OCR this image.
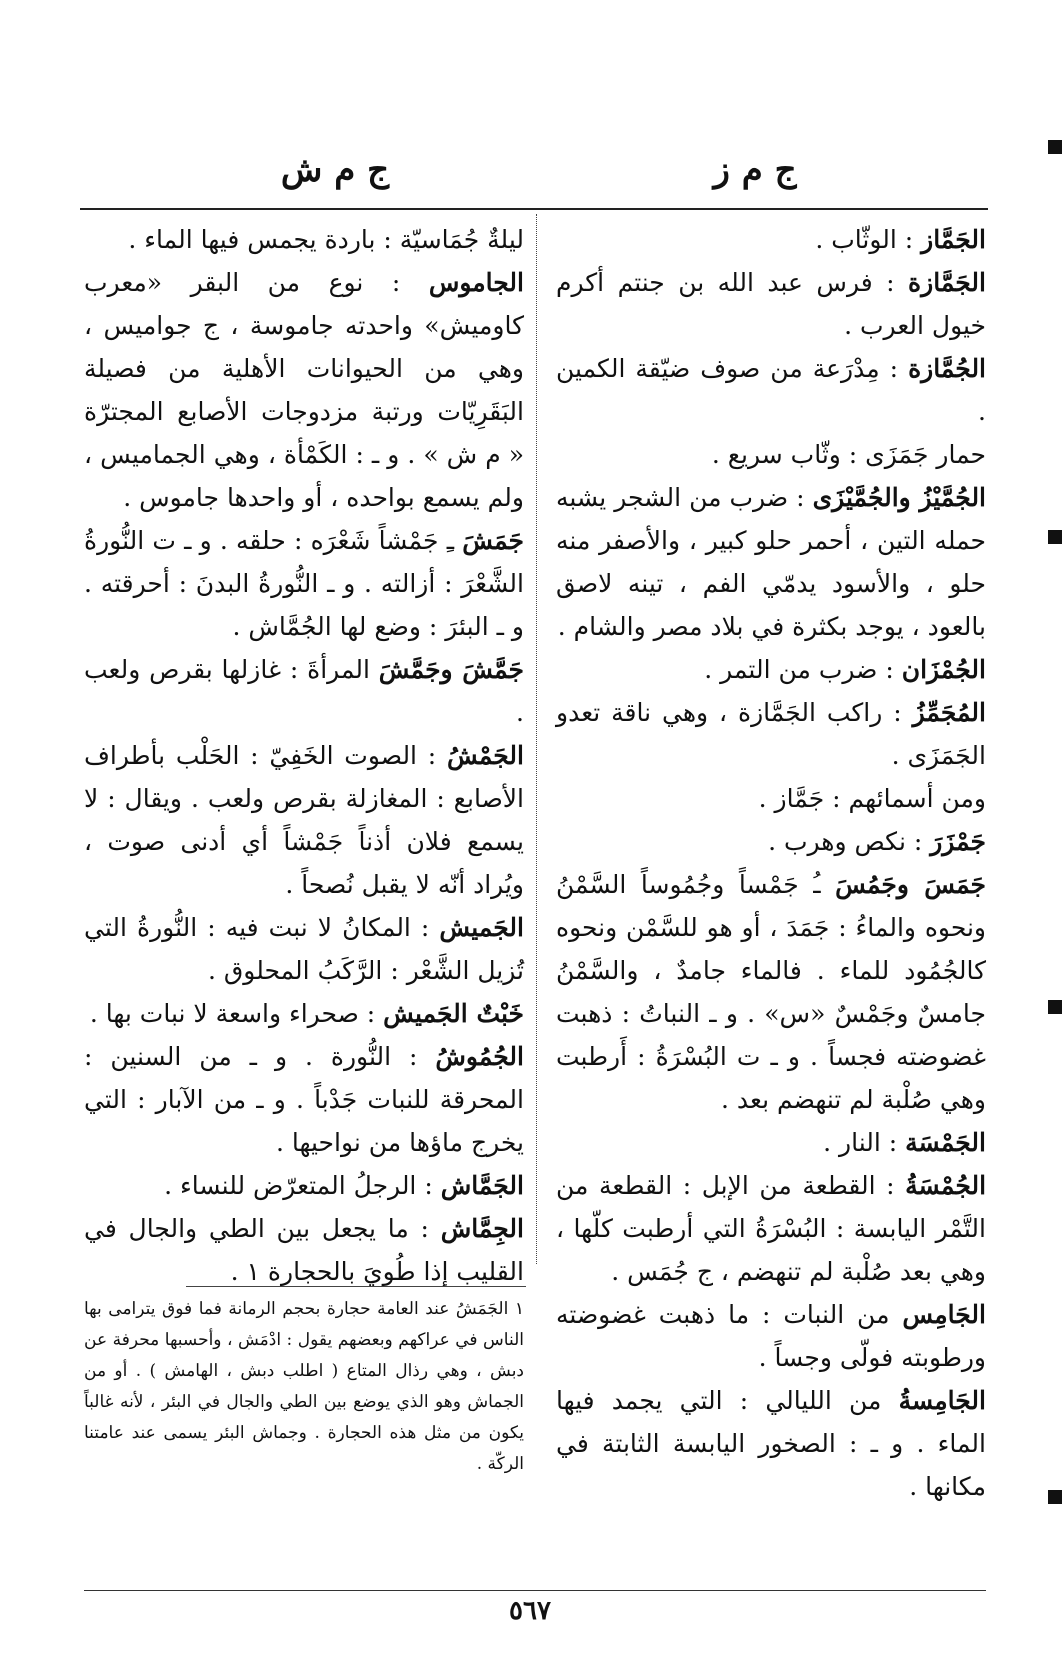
ج م ز
ج م ش

الجَمَّاز : الوثّاب .

الجَمَّازة : فرس عبد الله بن جنتم أكرم خيول العرب .

الجُمَّازة : مِدْرَعة من صوف ضيّقة الكمين .

حمار جَمَزَى : وثّاب سريع .

الجُمَّيْزُ والجُمَّيْزَى : ضرب من الشجر يشبه حمله التين ، أحمر حلو كبير ، والأصفر منه حلو ، والأسود يدمّي الفم ، تينه لاصق بالعود ، يوجد بكثرة في بلاد مصر والشام .

الجُمْزَان : ضرب من التمر .

المُجَمِّزُ : راكب الجَمَّازة ، وهي ناقة تعدو الجَمَزَى .

ومن أسمائهم : جَمَّاز .

جَمْزَرَ : نكص وهرب .

جَمَسَ وجَمُسَ ـُ جَمْساً وجُمُوساً السَّمْنُ ونحوه والماءُ : جَمَدَ ، أو هو للسَّمْن ونحوه كالجُمُود للماء . فالماء جامدٌ ، والسَّمْنُ جامسٌ وجَمْسٌ «س» . و ـ النباتُ : ذهبت غضوضته فجساً . و ـ ت البُسْرَةُ : أَرطبت وهي صُلْبة لم تنهضم بعد .

الجَمْسَة : النار .

الجُمْسَةُ : القطعة من الإبل : القطعة من التَّمْر اليابسة : البُسْرَةُ التي أرطبت كلّها ، وهي بعد صُلْبة لم تنهضم ، ج جُمَس .

الجَامِس من النبات : ما ذهبت غضوضته ورطوبته فولّى وجساً .

الجَامِسةُ من الليالي : التي يجمد فيها الماء . و ـ : الصخور اليابسة الثابتة في مكانها .

ليلةٌ جُمَاسيّة : باردة يجمس فيها الماء .

الجاموس : نوع من البقر «معرب كاوميش» واحدته جاموسة ، ج جواميس ، وهي من الحيوانات الأهلية من فصيلة البَقَرِيّات ورتبة مزدوجات الأصابع المجترّة « م ش » . و ـ : الكَمْأة ، وهي الجماميس ، ولم يسمع بواحده ، أو واحدها جاموس .

جَمَشَ ـِ جَمْشاً شَعْرَه : حلقه . و ـ ت النُّورةُ الشَّعْرَ : أزالته . و ـ النُّورةُ البدنَ : أحرقته . و ـ البئرَ : وضع لها الجُمَّاش .

جَمَّشَ وجَمَّشَ المرأةَ : غازلها بقرص ولعب .

الجَمْشُ : الصوت الخَفِيّ : الحَلْب بأطراف الأصابع : المغازلة بقرص ولعب . ويقال : لا يسمع فلان أذناً جَمْشاً أي أدنى صوت ، ويُراد أنّه لا يقبل نُصحاً .

الجَميش : المكانُ لا نبت فيه : النُّورةُ التي تُزيل الشَّعْر : الرَّكَبُ المحلوق .

خَبْتٌ الجَميش : صحراء واسعة لا نبات بها .

الجُمُوشُ : النُّورة . و ـ من السنين : المحرقة للنبات جَدْباً . و ـ من الآبار : التي يخرج ماؤها من نواحيها .

الجَمَّاش : الرجلُ المتعرّض للنساء .

الجِمَّاش : ما يجعل بين الطي والجال في القليب إذا طُويَ بالحجارة ١ .

١ الجَمَشُ عند العامة حجارة بحجم الرمانة فما فوق يترامى بها الناس في عراكهم وبعضهم يقول : ادْمَش ، وأحسبها محرفة عن دبش ، وهي رذال المتاع ( اطلب دبش ، الهامش ) . أو من الجماش وهو الذي يوضع بين الطي والجال في البئر ، لأنه غالباً يكون من مثل هذه الحجارة . وجماش البئر يسمى عند عامتنا الركّة .
٥٦٧
